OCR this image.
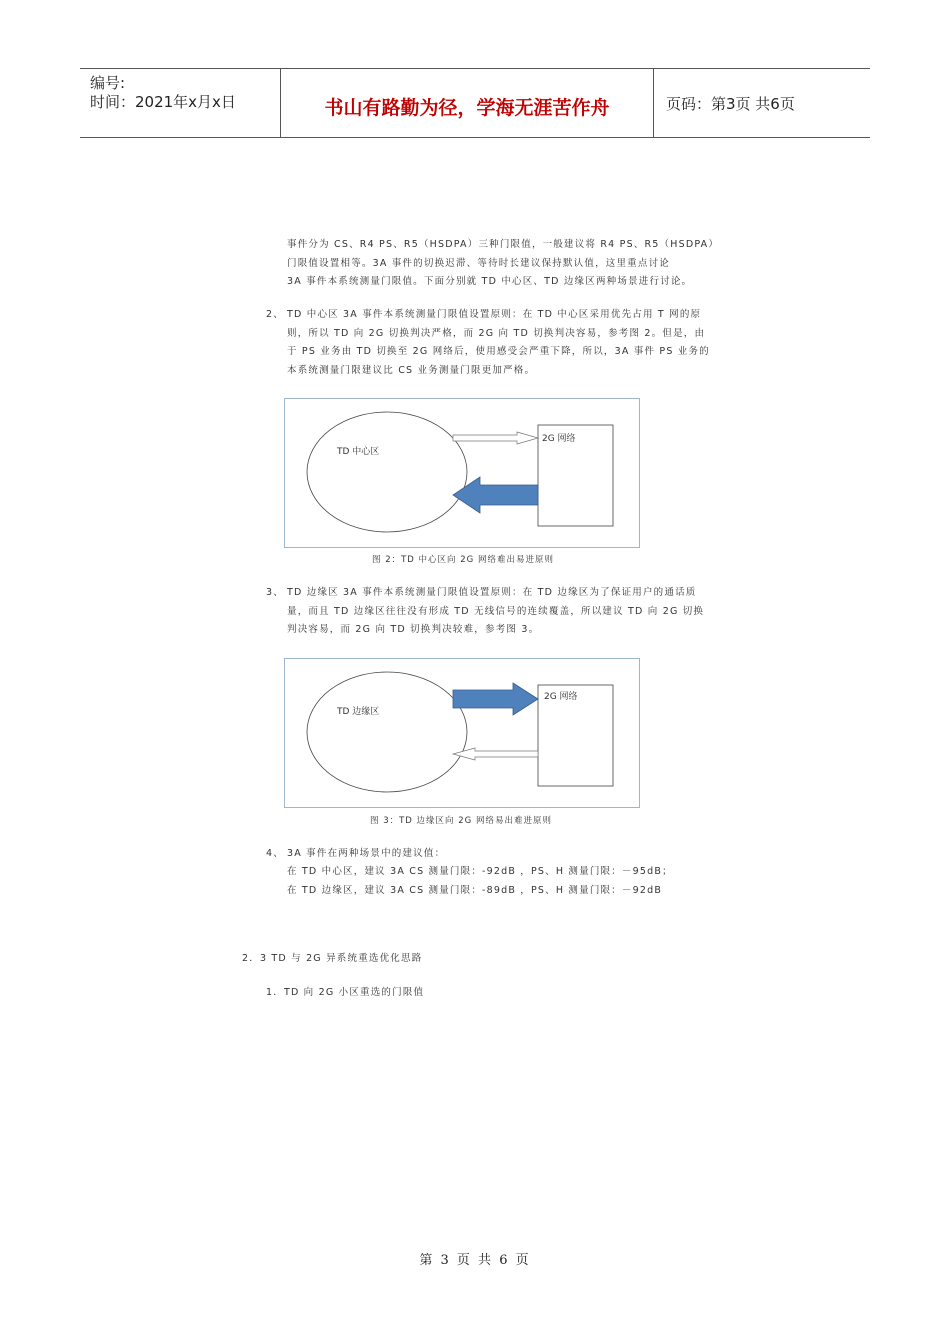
编号:
时间：2021年x月x日	书山有路勤为径，学海无涯苦作舟	页码：第3页 共6页

事件分为 CS、R4 PS、R5（HSDPA）三种门限值，一般建议将 R4 PS、R5（HSDPA）

门限值设置相等。3A 事件的切换迟滞、等待时长建议保持默认值，这里重点讨论

3A 事件本系统测量门限值。下面分别就 TD 中心区、TD 边缘区两种场景进行讨论。

2、 TD 中心区 3A 事件本系统测量门限值设置原则：在 TD 中心区采用优先占用 T 网的原

则，所以 TD 向 2G 切换判决严格，而 2G 向 TD 切换判决容易，参考图 2。但是，由

于 PS 业务由 TD 切换至 2G 网络后，使用感受会严重下降，所以，3A 事件 PS 业务的

本系统测量门限建议比 CS 业务测量门限更加严格。

TD 中心区
2G 网络
图 2：TD 中心区向 2G 网络难出易进原则
3、 TD 边缘区 3A 事件本系统测量门限值设置原则：在 TD 边缘区为了保证用户的通话质

量，而且 TD 边缘区往往没有形成 TD 无线信号的连续覆盖，所以建议 TD 向 2G 切换

判决容易，而 2G 向 TD 切换判决较难，参考图 3。

TD 边缘区
2G 网络
图 3：TD 边缘区向 2G 网络易出难进原则
4、 3A 事件在两种场景中的建议值：

在 TD 中心区，建议 3A CS 测量门限：-92dB ，PS、H 测量门限：－95dB；

在 TD 边缘区，建议 3A CS 测量门限：-89dB ，PS、H 测量门限：－92dB

2．3 TD 与 2G 异系统重选优化思路
1．TD 向 2G 小区重选的门限值
第 3 页 共 6 页
